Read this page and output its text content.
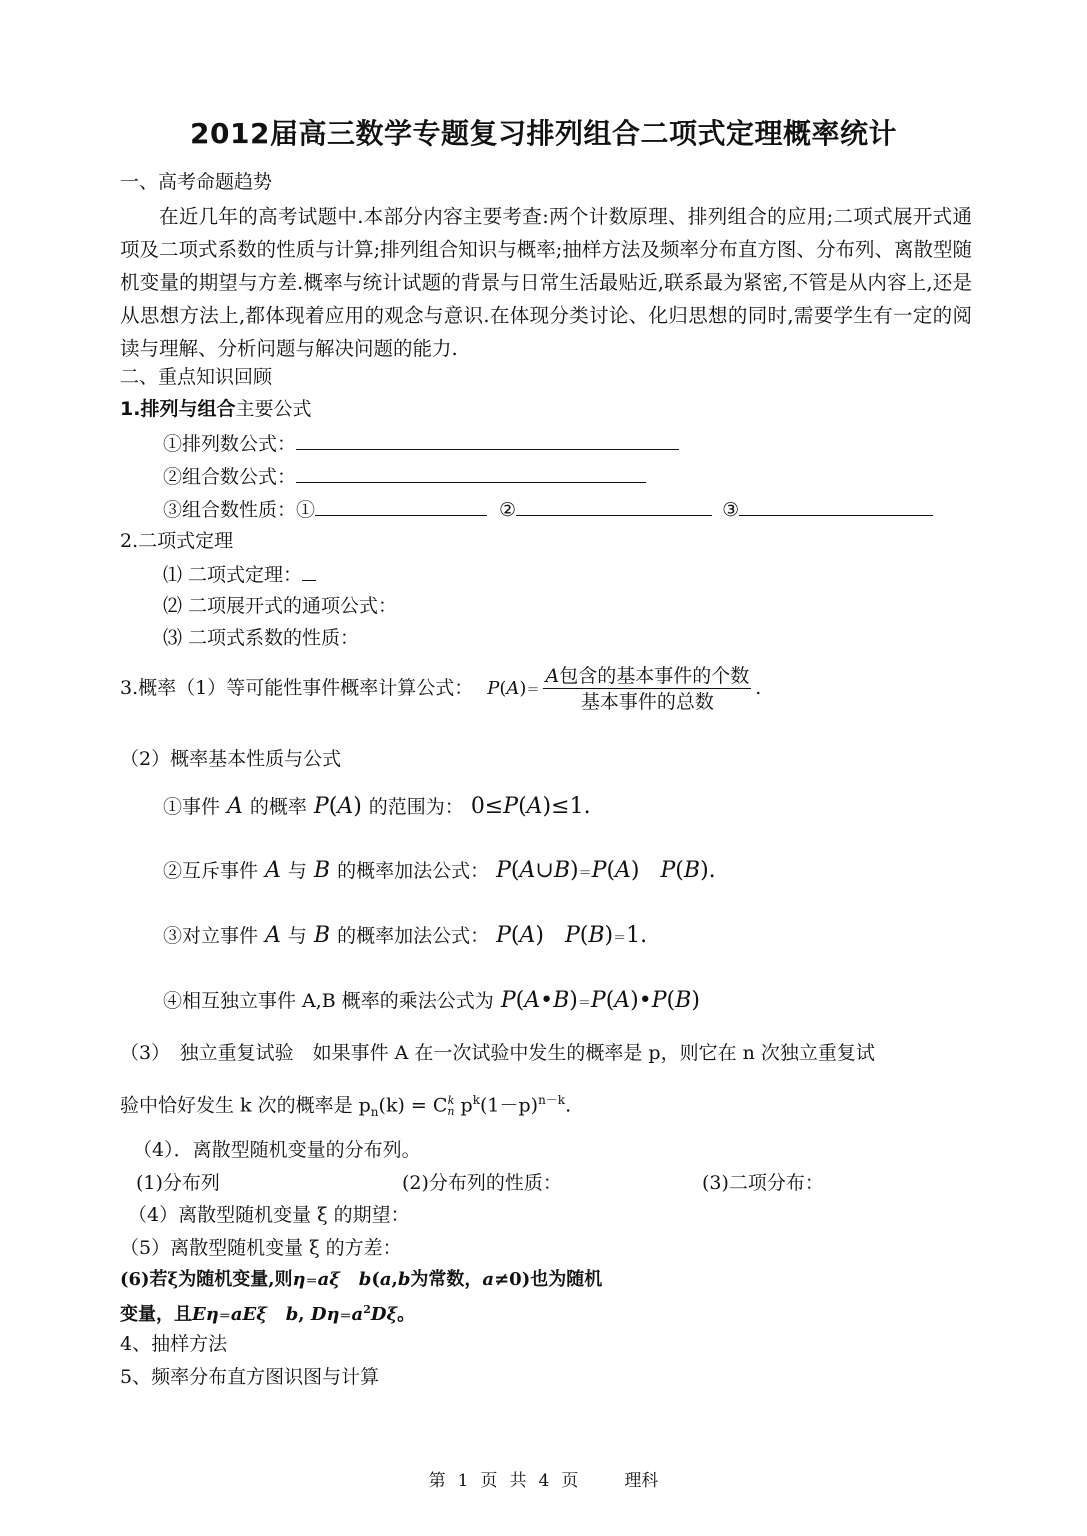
2012届高三数学专题复习排列组合二项式定理概率统计
一、高考命题趋势
在近几年的高考试题中.本部分内容主要考查:两个计数原理、排列组合的应用;二项式展开式通项及二项式系数的性质与计算;排列组合知识与概率;抽样方法及频率分布直方图、分布列、离散型随机变量的期望与方差.概率与统计试题的背景与日常生活最贴近,联系最为紧密,不管是从内容上,还是从思想方法上,都体现着应用的观念与意识.在体现分类讨论、化归思想的同时,需要学生有一定的阅读与理解、分析问题与解决问题的能力.
二、重点知识回顾
1.排列与组合主要公式
①排列数公式：
②组合数公式：
③组合数性质：①	②	③
2.二项式定理
⑴ 二项式定理：
⑵ 二项展开式的通项公式：
⑶ 二项式系数的性质：
3.概率（1）等可能性事件概率计算公式： $P(A)= \frac{\text{A包含的基本事件的个数}}{\text{基本事件的总数}}$ .
（2）概率基本性质与公式
①事件 A 的概率 P(A) 的范围为： 0≤P(A)≤1.
②互斥事件 A 与 B 的概率加法公式： P(A∪B)＝P(A)   P(B).
③对立事件 A 与 B 的概率加法公式： P(A)   P(B)＝1.
④相互独立事件 A,B 概率的乘法公式为 P(A•B)＝P(A)•P(B)
（3）　独立重复试验　如果事件 A 在一次试验中发生的概率是 p，则它在 n 次独立重复试
验中恰好发生 k 次的概率是 $p_n(k) = C$ k
n $p^k(1-p)^{n-k}$.
（4）．离散型随机变量的分布列。
(1)分布列	(2)分布列的性质：	(3)二项分布：
（4）离散型随机变量 ξ 的期望：
（5）离散型随机变量 ξ 的方差：
(6)若ξ为随机变量,则η＝aξ b(a,b为常数，a≠0)也为随机
变量，且Eη＝aEξ b, $D\eta=a^2D\xi$。
4、抽样方法
5、频率分布直方图识图与计算
第 1 页 共 4 页	理科
